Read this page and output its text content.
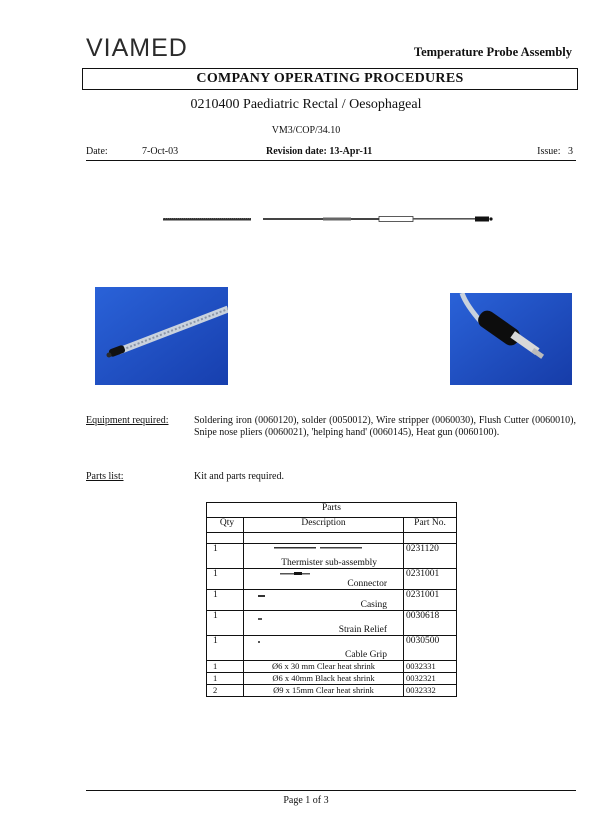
VIAMED	Temperature Probe Assembly
COMPANY OPERATING PROCEDURES
0210400 Paediatric Rectal / Oesophageal
VM3/COP/34.10
Date:	7-Oct-03	Revision date: 13-Apr-11	Issue: 3
Equipment required:	Soldering iron (0060120), solder (0050012), Wire stripper (0060030), Flush Cutter (0060010), Snipe nose pliers (0060021), 'helping hand' (0060145), Heat gun (0060100).
Parts list:	Kit and parts required.
Parts		
Qty	Description	Part No.

1	Thermister sub-assembly	0231120
1	Connector	0231001
1	Casing	0231001
1	Strain Relief	0030618
1	Cable Grip	0030500
1	Ø6 x 30 mm Clear heat shrink	0032331
1	Ø6 x 40mm Black heat shrink	0032321
2	Ø9 x 15mm Clear heat shrink	0032332
Page 1 of 3
